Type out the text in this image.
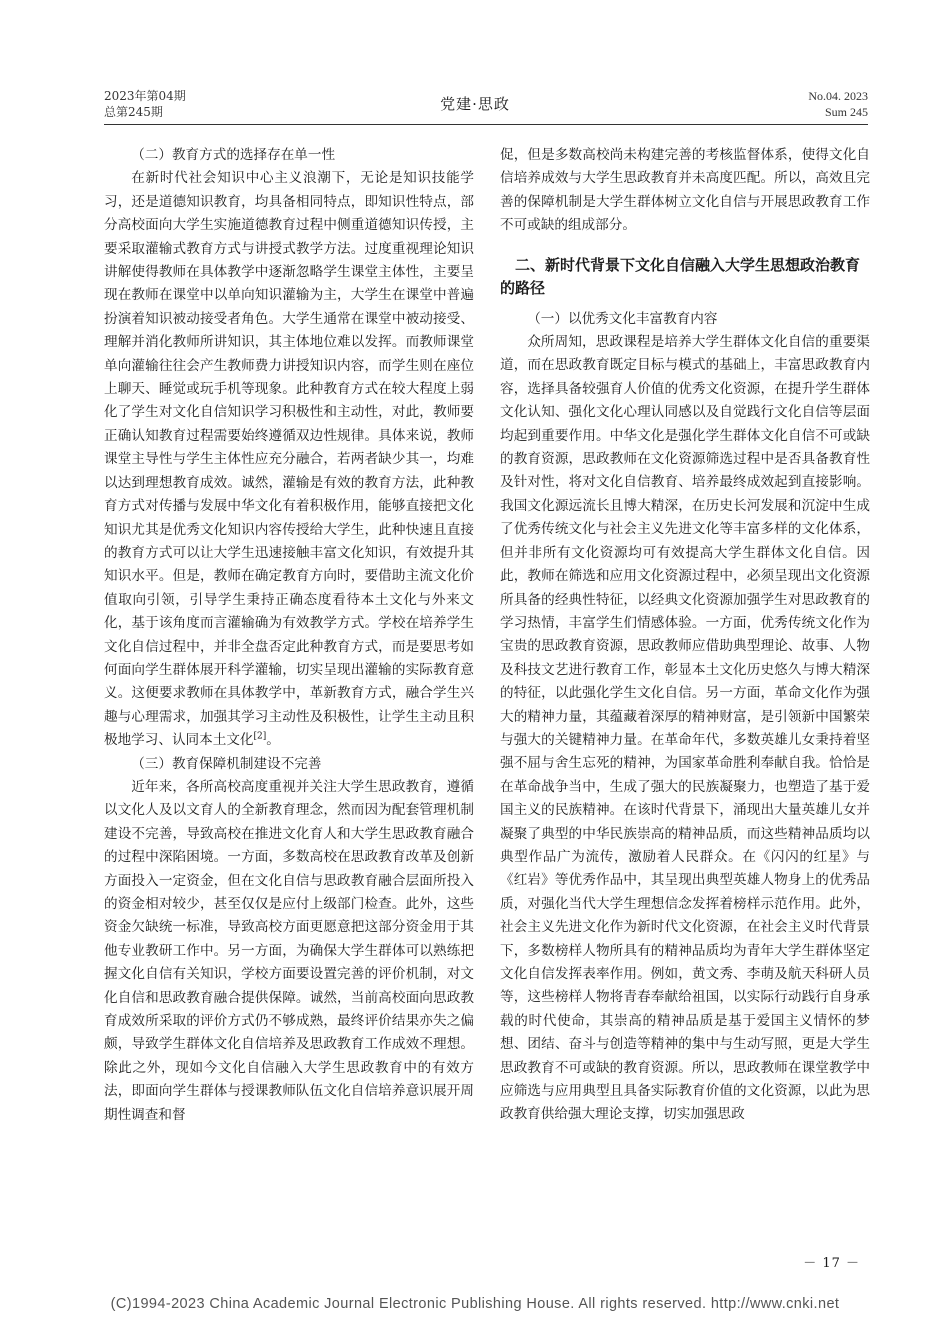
2023年第04期
总第245期	党建·思政	No.04. 2023
Sum 245

（二）教育方式的选择存在单一性

在新时代社会知识中心主义浪潮下，无论是知识技能学习，还是道德知识教育，均具备相同特点，即知识性特点，部分高校面向大学生实施道德教育过程中侧重道德知识传授，主要采取灌输式教育方式与讲授式教学方法。过度重视理论知识讲解使得教师在具体教学中逐渐忽略学生课堂主体性，主要呈现在教师在课堂中以单向知识灌输为主，大学生在课堂中普遍扮演着知识被动接受者角色。大学生通常在课堂中被动接受、理解并消化教师所讲知识，其主体地位难以发挥。而教师课堂单向灌输往往会产生教师费力讲授知识内容，而学生则在座位上聊天、睡觉或玩手机等现象。此种教育方式在较大程度上弱化了学生对文化自信知识学习积极性和主动性，对此，教师要正确认知教育过程需要始终遵循双边性规律。具体来说，教师课堂主导性与学生主体性应充分融合，若两者缺少其一，均难以达到理想教育成效。诚然，灌输是有效的教育方法，此种教育方式对传播与发展中华文化有着积极作用，能够直接把文化知识尤其是优秀文化知识内容传授给大学生，此种快速且直接的教育方式可以让大学生迅速接触丰富文化知识，有效提升其知识水平。但是，教师在确定教育方向时，要借助主流文化价值取向引领，引导学生秉持正确态度看待本土文化与外来文化，基于该角度而言灌输确为有效教学方式。学校在培养学生文化自信过程中，并非全盘否定此种教育方式，而是要思考如何面向学生群体展开科学灌输，切实呈现出灌输的实际教育意义。这便要求教师在具体教学中，革新教育方式，融合学生兴趣与心理需求，加强其学习主动性及积极性，让学生主动且积极地学习、认同本土文化[2]。

（三）教育保障机制建设不完善

近年来，各所高校高度重视并关注大学生思政教育，遵循以文化人及以文育人的全新教育理念，然而因为配套管理机制建设不完善，导致高校在推进文化育人和大学生思政教育融合的过程中深陷困境。一方面，多数高校在思政教育改革及创新方面投入一定资金，但在文化自信与思政教育融合层面所投入的资金相对较少，甚至仅仅是应付上级部门检查。此外，这些资金欠缺统一标准，导致高校方面更愿意把这部分资金用于其他专业教研工作中。另一方面，为确保大学生群体可以熟练把握文化自信有关知识，学校方面要设置完善的评价机制，对文化自信和思政教育融合提供保障。诚然，当前高校面向思政教育成效所采取的评价方式仍不够成熟，最终评价结果亦失之偏颇，导致学生群体文化自信培养及思政教育工作成效不理想。除此之外，现如今文化自信融入大学生思政教育中的有效方法，即面向学生群体与授课教师队伍文化自信培养意识展开周期性调查和督

促，但是多数高校尚未构建完善的考核监督体系，使得文化自信培养成效与大学生思政教育并未高度匹配。所以，高效且完善的保障机制是大学生群体树立文化自信与开展思政教育工作不可或缺的组成部分。

二、新时代背景下文化自信融入大学生思想政治教育的路径

（一）以优秀文化丰富教育内容

众所周知，思政课程是培养大学生群体文化自信的重要渠道，而在思政教育既定目标与模式的基础上，丰富思政教育内容，选择具备较强育人价值的优秀文化资源，在提升学生群体文化认知、强化文化心理认同感以及自觉践行文化自信等层面均起到重要作用。中华文化是强化学生群体文化自信不可或缺的教育资源，思政教师在文化资源筛选过程中是否具备教育性及针对性，将对文化自信教育、培养最终成效起到直接影响。我国文化源远流长且博大精深，在历史长河发展和沉淀中生成了优秀传统文化与社会主义先进文化等丰富多样的文化体系，但并非所有文化资源均可有效提高大学生群体文化自信。因此，教师在筛选和应用文化资源过程中，必须呈现出文化资源所具备的经典性特征，以经典文化资源加强学生对思政教育的学习热情，丰富学生们情感体验。一方面，优秀传统文化作为宝贵的思政教育资源，思政教师应借助典型理论、故事、人物及科技文艺进行教育工作，彰显本土文化历史悠久与博大精深的特征，以此强化学生文化自信。另一方面，革命文化作为强大的精神力量，其蕴藏着深厚的精神财富，是引领新中国繁荣与强大的关键精神力量。在革命年代，多数英雄儿女秉持着坚强不屈与舍生忘死的精神，为国家革命胜利奉献自我。恰恰是在革命战争当中，生成了强大的民族凝聚力，也塑造了基于爱国主义的民族精神。在该时代背景下，涌现出大量英雄儿女并凝聚了典型的中华民族崇高的精神品质，而这些精神品质均以典型作品广为流传，激励着人民群众。在《闪闪的红星》与《红岩》等优秀作品中，其呈现出典型英雄人物身上的优秀品质，对强化当代大学生理想信念发挥着榜样示范作用。此外，社会主义先进文化作为新时代文化资源，在社会主义时代背景下，多数榜样人物所具有的精神品质均为青年大学生群体坚定文化自信发挥表率作用。例如，黄文秀、李萌及航天科研人员等，这些榜样人物将青春奉献给祖国，以实际行动践行自身承载的时代使命，其崇高的精神品质是基于爱国主义情怀的梦想、团结、奋斗与创造等精神的集中与生动写照，更是大学生思政教育不可或缺的教育资源。所以，思政教师在课堂教学中应筛选与应用典型且具备实际教育价值的文化资源，以此为思政教育供给强大理论支撑，切实加强思政

－ 17 －
(C)1994-2023 China Academic Journal Electronic Publishing House. All rights reserved. http://www.cnki.net
